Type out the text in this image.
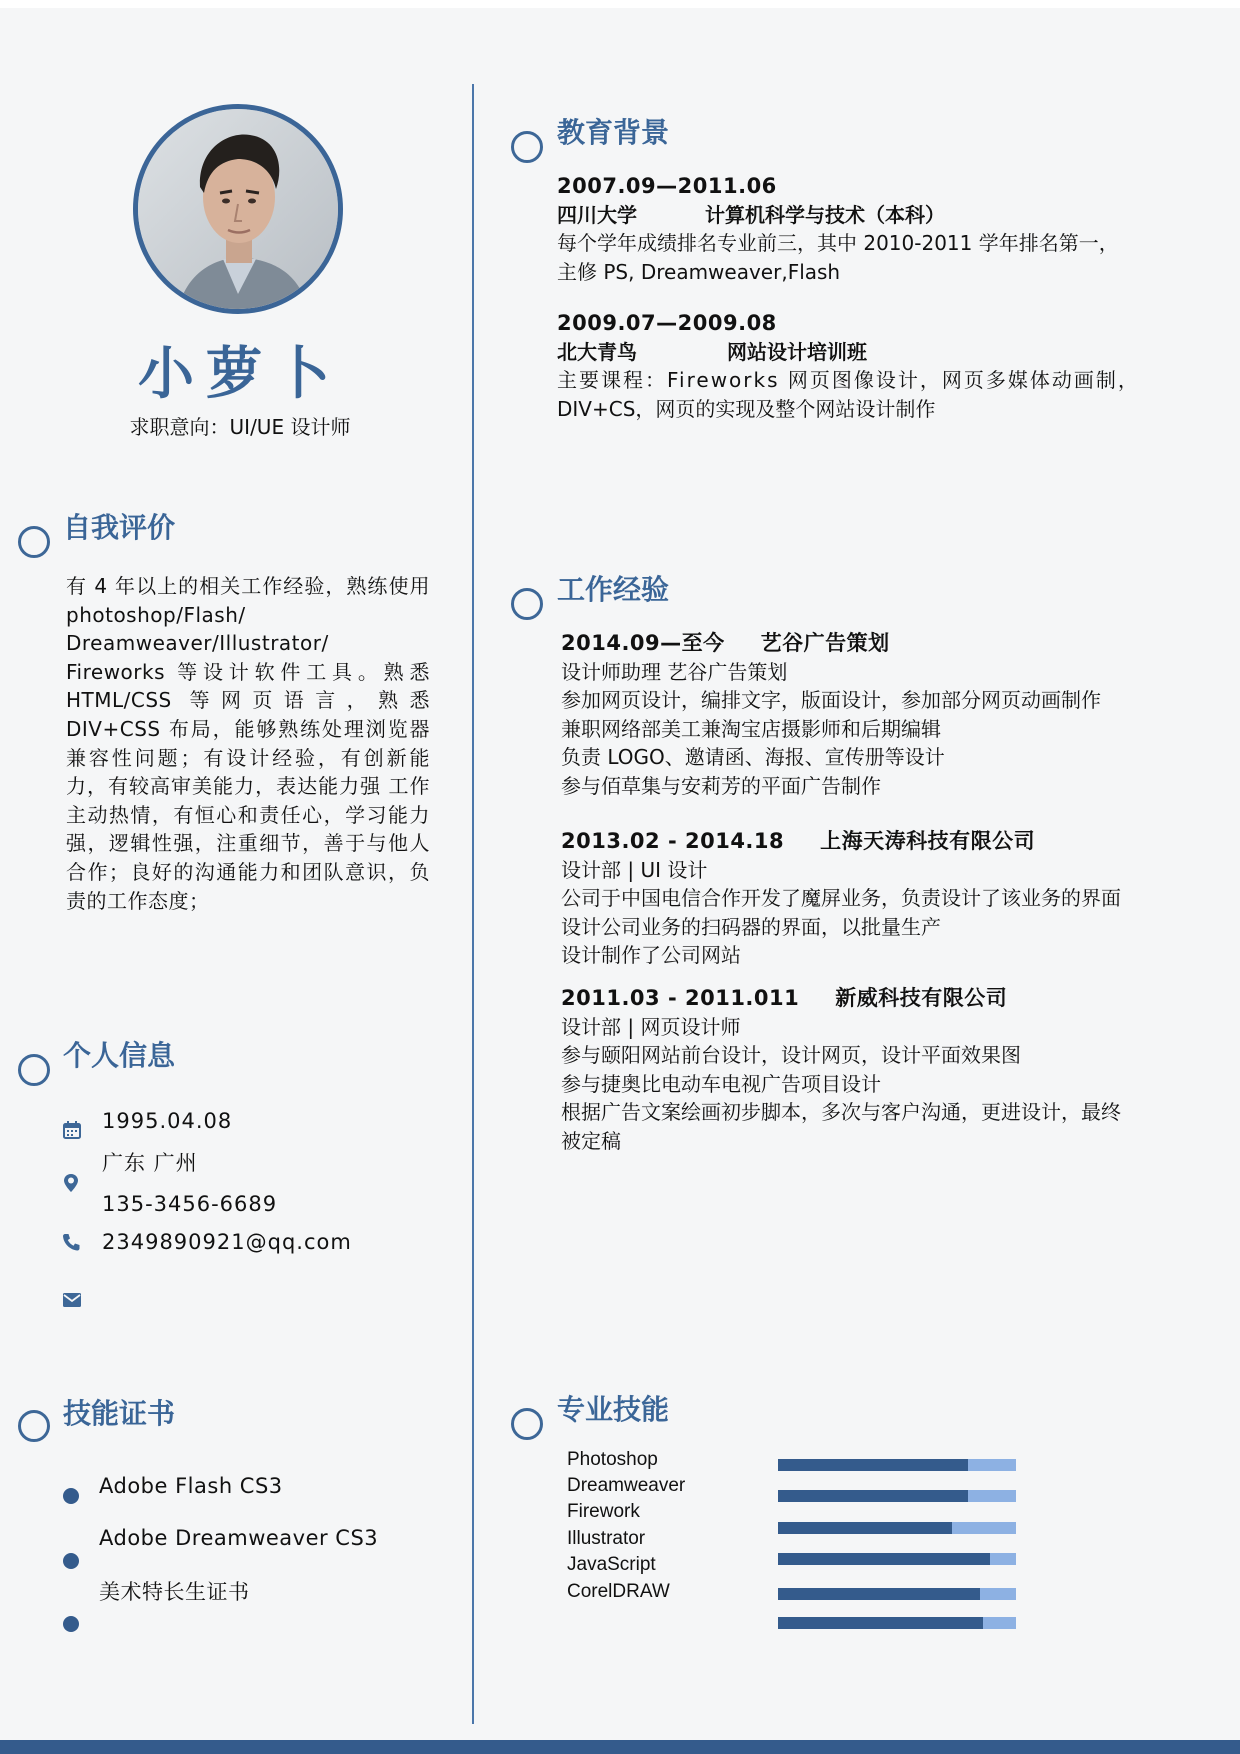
小萝卜
求职意向：UI/UE 设计师
自我评价
有 4 年以上的相关工作经验，熟练使用 photoshop/Flash/ Dreamweaver/Illustrator/ Fireworks 等设计软件工具。熟悉 HTML/CSS 等网页语言，熟悉 DIV+CSS 布局，能够熟练处理浏览器兼容性问题；有设计经验，有创新能力，有较高审美能力，表达能力强 工作主动热情，有恒心和责任心，学习能力强，逻辑性强，注重细节，善于与他人合作；良好的沟通能力和团队意识，负责的工作态度；
个人信息
1995.04.08
广东 广州
135-3456-6689
2349890921@qq.com
技能证书
Adobe Flash CS3
Adobe Dreamweaver CS3
美术特长生证书
教育背景
2007.09—2011.06
四川大学	计算机科学与技术（本科）
每个学年成绩排名专业前三，其中 2010-2011 学年排名第一，
主修 PS, Dreamweaver,Flash
2009.07—2009.08
北大青鸟	网站设计培训班
主要课程：Fireworks 网页图像设计，网页多媒体动画制，
DIV+CS，网页的实现及整个网站设计制作
工作经验
2014.09—至今 艺谷广告策划
设计师助理 艺谷广告策划
参加网页设计，编排文字，版面设计，参加部分网页动画制作
兼职网络部美工兼淘宝店摄影师和后期编辑
负责 LOGO、邀请函、海报、宣传册等设计
参与佰草集与安莉芳的平面广告制作
2013.02 - 2014.18 上海天涛科技有限公司
设计部 | UI 设计
公司于中国电信合作开发了魔屏业务，负责设计了该业务的界面
设计公司业务的扫码器的界面，以批量生产
设计制作了公司网站
2011.03 - 2011.011 新威科技有限公司
设计部 | 网页设计师
参与颐阳网站前台设计，设计网页，设计平面效果图
参与捷奥比电动车电视广告项目设计
根据广告文案绘画初步脚本，多次与客户沟通，更进设计，最终
被定稿
专业技能
Photoshop
Dreamweaver
Firework
Illustrator
JavaScript
CorelDRAW
